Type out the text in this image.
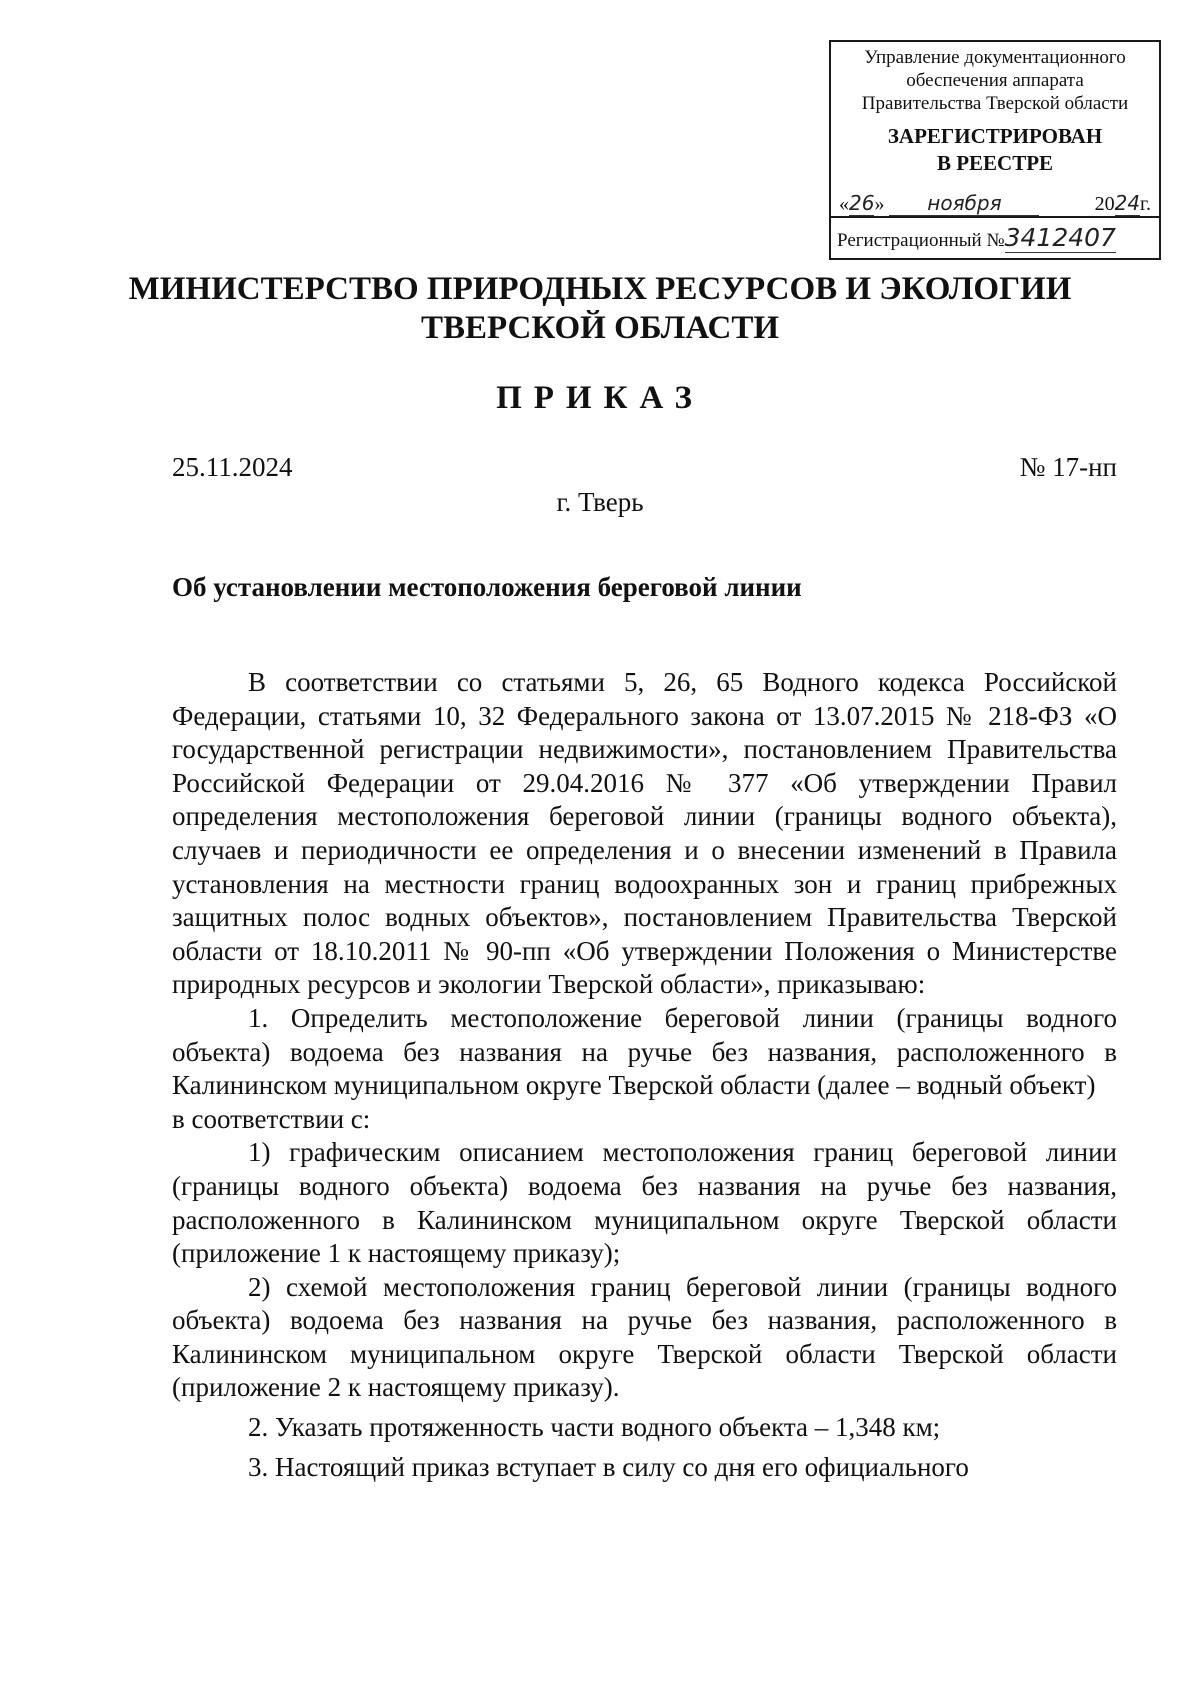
Управление документационного
обеспечения аппарата
Правительства Тверской области
ЗАРЕГИСТРИРОВАН
В РЕЕСТРЕ
«26» ноября	2024г.
Регистрационный №3412407
МИНИСТЕРСТВО ПРИРОДНЫХ РЕСУРСОВ И ЭКОЛОГИИ
ТВЕРСКОЙ ОБЛАСТИ
ПРИКАЗ
25.11.2024	№ 17-нп
г. Тверь
Об установлении местоположения береговой линии

В соответствии со статьями 5, 26, 65 Водного кодекса Российской Федерации, статьями 10, 32 Федерального закона от 13.07.2015 № 218-ФЗ «О государственной регистрации недвижимости», постановлением Правительства Российской Федерации от 29.04.2016 № 377 «Об утверждении Правил определения местоположения береговой линии (границы водного объекта), случаев и периодичности ее определения и о внесении изменений в Правила установления на местности границ водоохранных зон и границ прибрежных защитных полос водных объектов», постановлением Правительства Тверской области от 18.10.2011 № 90-пп «Об утверждении Положения о Министерстве природных ресурсов и экологии Тверской области», приказываю:

1. Определить местоположение береговой линии (границы водного объекта) водоема без названия на ручье без названия, расположенного в Калининском муниципальном округе Тверской области (далее – водный объект)

в соответствии с:

1) графическим описанием местоположения границ береговой линии (границы водного объекта) водоема без названия на ручье без названия, расположенного в Калининском муниципальном округе Тверской области (приложение 1 к настоящему приказу);

2) схемой местоположения границ береговой линии (границы водного объекта) водоема без названия на ручье без названия, расположенного в Калининском муниципальном округе Тверской области Тверской области (приложение 2 к настоящему приказу).

2. Указать протяженность части водного объекта – 1,348 км;

3. Настоящий приказ вступает в силу со дня его официального
